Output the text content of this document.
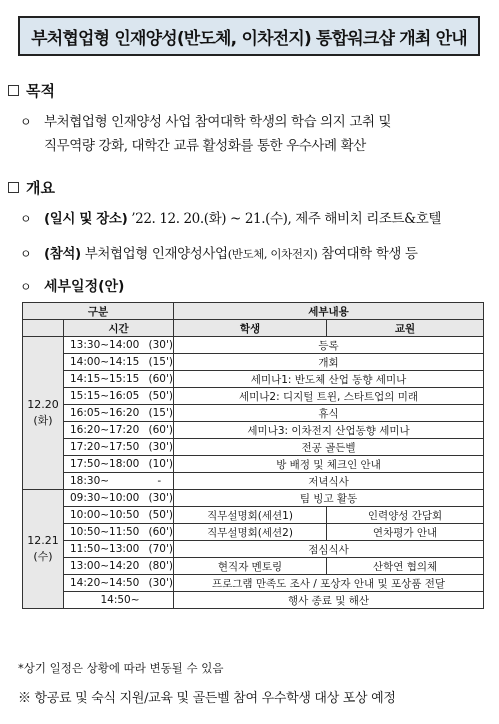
부처협업형 인재양성(반도체, 이차전지) 통합워크샵 개최 안내
목적
ㅇ 부처협업형 인재양성 사업 참여대학 학생의 학습 의지 고취 및
직무역량 강화, 대학간 교류 활성화를 통한 우수사례 확산
개요
ㅇ (일시 및 장소) ’22. 12. 20.(화) ~ 21.(수), 제주 해비치 리조트&호텔
ㅇ (참석) 부처협업형 인재양성사업(반도체, 이차전지) 참여대학 학생 등
ㅇ 세부일정(안)
구분			세부내용	
	시간		학생	교원
12.20
(화)	13:30~14:00	(30')	등록	
	14:00~14:15	(15')	개회	
	14:15~15:15	(60')	세미나1: 반도체 산업 동향 세미나	
	15:15~16:05	(50')	세미나2: 디지털 트윈, 스타트업의 미래	
	16:05~16:20	(15')	휴식	
	16:20~17:20	(60')	세미나3: 이차전지 산업동향 세미나	
	17:20~17:50	(30')	전공 골든벨	
	17:50~18:00	(10')	방 배정 및 체크인 안내	
	18:30~	-	저녁식사	
12.21
(수)	09:30~10:00	(30')	팀 빙고 활동	
	10:00~10:50	(50')	직무설명회(세션1)	인력양성 간담회
	10:50~11:50	(60')	직무설명회(세션2)	연차평가 안내
	11:50~13:00	(70')	점심식사	
	13:00~14:20	(80')	현직자 멘토링	산학연 협의체
	14:20~14:50	(30')	프로그램 만족도 조사 / 포상자 안내 및 포상품 전달	
	14:50~		행사 종료 및 해산	
*상기 일정은 상황에 따라 변동될 수 있음
※ 항공료 및 숙식 지원/교육 및 골든벨 참여 우수학생 대상 포상 예정
